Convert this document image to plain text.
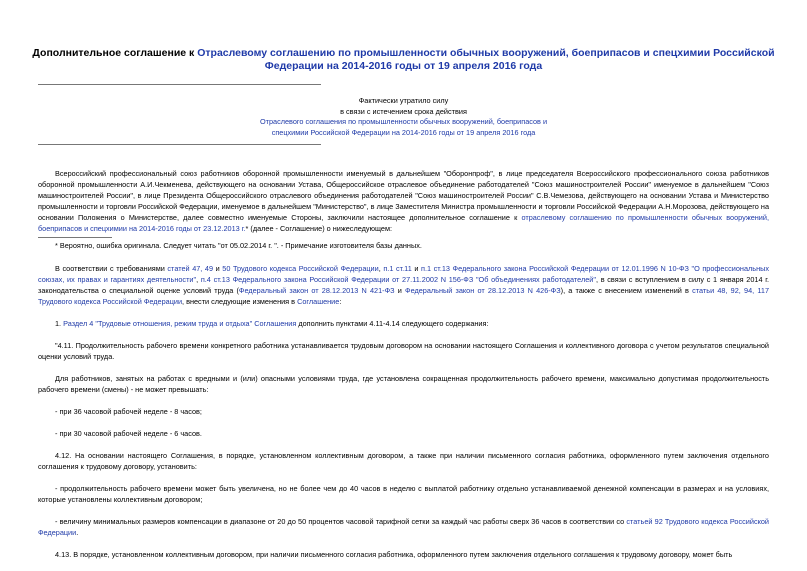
Дополнительное соглашение к Отраслевому соглашению по промышленности обычных вооружений, боеприпасов и спецхимии Российской Федерации на 2014-2016 годы от 19 апреля 2016 года
Фактически утратило силу
в связи с истечением срока действия
Отраслевого соглашения по промышленности обычных вооружений, боеприпасов и
спецхимии Российской Федерации на 2014-2016 годы от 19 апреля 2016 года

Всероссийский профессиональный союз работников оборонной промышленности именуемый в дальнейшем "Оборонпроф", в лице председателя Всероссийского профессионального союза работников оборонной промышленности А.И.Чекменева, действующего на основании Устава, Общероссийское отраслевое объединение работодателей "Союз машиностроителей России" именуемое в дальнейшем "Союз машиностроителей России", в лице Президента Общероссийского отраслевого объединения работодателей "Союз машиностроителей России" С.В.Чемезова, действующего на основании Устава и Министерство промышленности и торговли Российской Федерации, именуемое в дальнейшем "Министерство", в лице Заместителя Министра промышленности и торговли Российской Федерации А.Н.Морозова, действующего на основании Положения о Министерстве, далее совместно именуемые Стороны, заключили настоящее дополнительное соглашение к отраслевому соглашению по промышленности обычных вооружений, боеприпасов и спецхимии на 2014-2016 годы от 23.12.2013 г.* (далее - Соглашение) о нижеследующем:

* Вероятно, ошибка оригинала. Следует читать "от 05.02.2014 г. ". - Примечание изготовителя базы данных.

В соответствии с требованиями статей 47, 49 и 50 Трудового кодекса Российской Федерации, п.1 ст.11 и п.1 ст.13 Федерального закона Российской Федерации от 12.01.1996 N 10-ФЗ "О профессиональных союзах, их правах и гарантиях деятельности", п.4 ст.13 Федерального закона Российской Федерации от 27.11.2002 N 156-ФЗ "Об объединениях работодателей", в связи с вступлением в силу с 1 января 2014 г. законодательства о специальной оценке условий труда (Федеральный закон от 28.12.2013 N 421-ФЗ и Федеральный закон от 28.12.2013 N 426-ФЗ), а также с внесением изменений в статьи 48, 92, 94, 117 Трудового кодекса Российской Федерации, внести следующие изменения в Соглашение:

1. Раздел 4 "Трудовые отношения, режим труда и отдыха" Соглашения дополнить пунктами 4.11-4.14 следующего содержания:

"4.11. Продолжительность рабочего времени конкретного работника устанавливается трудовым договором на основании настоящего Соглашения и коллективного договора с учетом результатов специальной оценки условий труда.

Для работников, занятых на работах с вредными и (или) опасными условиями труда, где установлена сокращенная продолжительность рабочего времени, максимально допустимая продолжительность рабочего времени (смены) - не может превышать:

- при 36 часовой рабочей неделе - 8 часов;

- при 30 часовой рабочей неделе - 6 часов.

4.12. На основании настоящего Соглашения, в порядке, установленном коллективным договором, а также при наличии письменного согласия работника, оформленного путем заключения отдельного соглашения к трудовому договору, установить:

- продолжительность рабочего времени может быть увеличена, но не более чем до 40 часов в неделю с выплатой работнику отдельно устанавливаемой денежной компенсации в размерах и на условиях, которые установлены коллективным договором;

- величину минимальных размеров компенсации в диапазоне от 20 до 50 процентов часовой тарифной сетки за каждый час работы сверх 36 часов в соответствии со статьей 92 Трудового кодекса Российской Федерации.

4.13. В порядке, установленном коллективным договором, при наличии письменного согласия работника, оформленного путем заключения отдельного соглашения к трудовому договору, может быть
